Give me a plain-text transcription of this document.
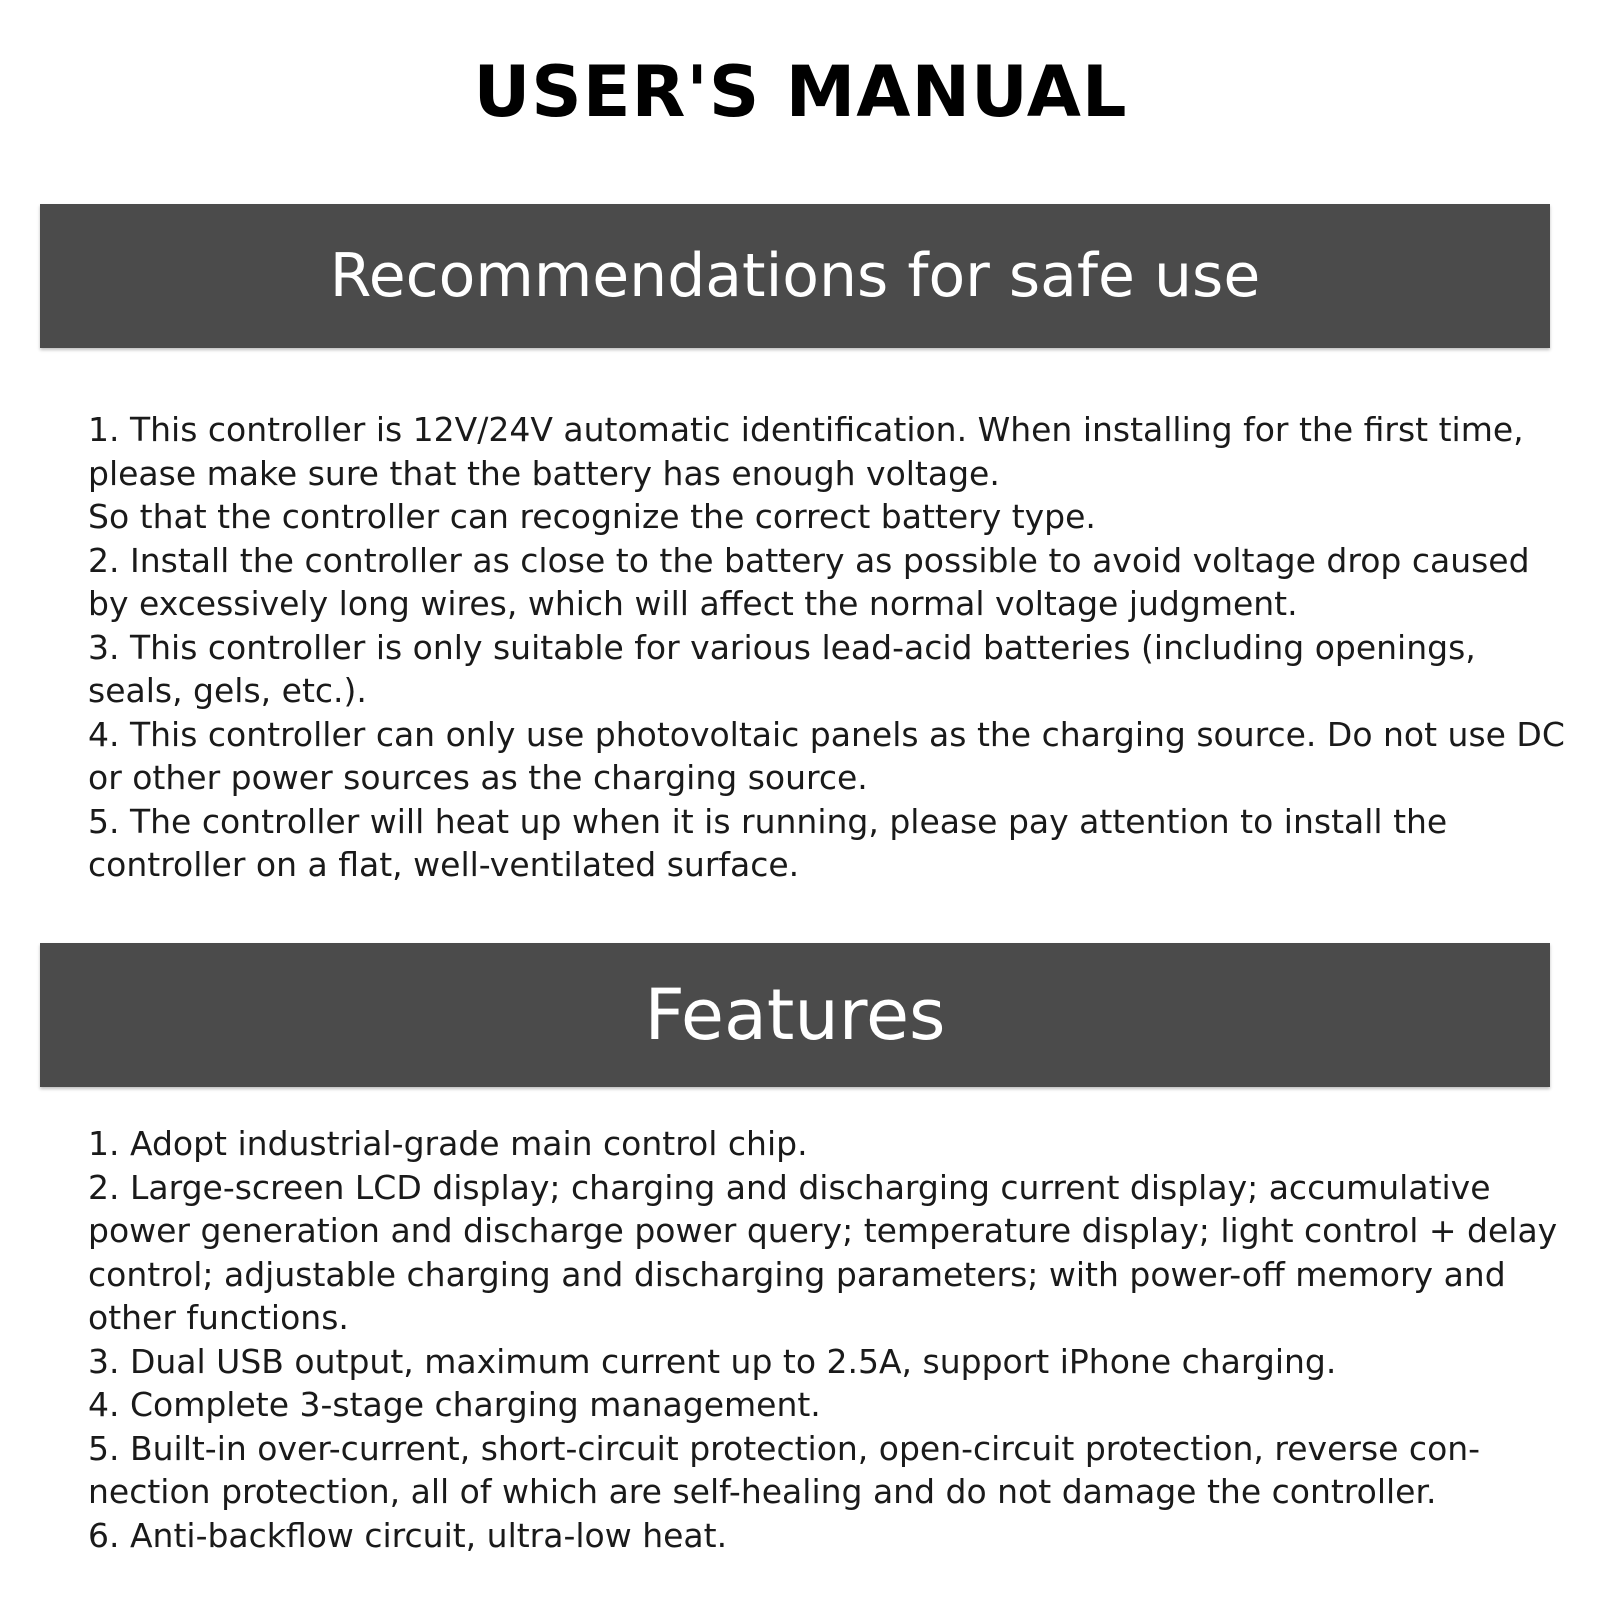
USER'S MANUAL
Recommendations for safe use
1. This controller is 12V/24V automatic identification. When installing for the first time, please make sure that the battery has enough voltage.
So that the controller can recognize the correct battery type.
2. Install the controller as close to the battery as possible to avoid voltage drop caused by excessively long wires, which will affect the normal voltage judgment.
3. This controller is only suitable for various lead-acid batteries (including openings, seals, gels, etc.).
4. This controller can only use photovoltaic panels as the charging source. Do not use DC or other power sources as the charging source.
5. The controller will heat up when it is running, please pay attention to install the controller on a flat, well-ventilated surface.
Features
1. Adopt industrial-grade main control chip.
2. Large-screen LCD display; charging and discharging current display; accumulative power generation and discharge power query; temperature display; light control + delay control; adjustable charging and discharging parameters; with power-off memory and other functions.
3. Dual USB output, maximum current up to 2.5A, support iPhone charging.
4. Complete 3-stage charging management.
5. Built-in over-current, short-circuit protection, open-circuit protection, reverse con-nection protection, all of which are self-healing and do not damage the controller.
6. Anti-backflow circuit, ultra-low heat.
